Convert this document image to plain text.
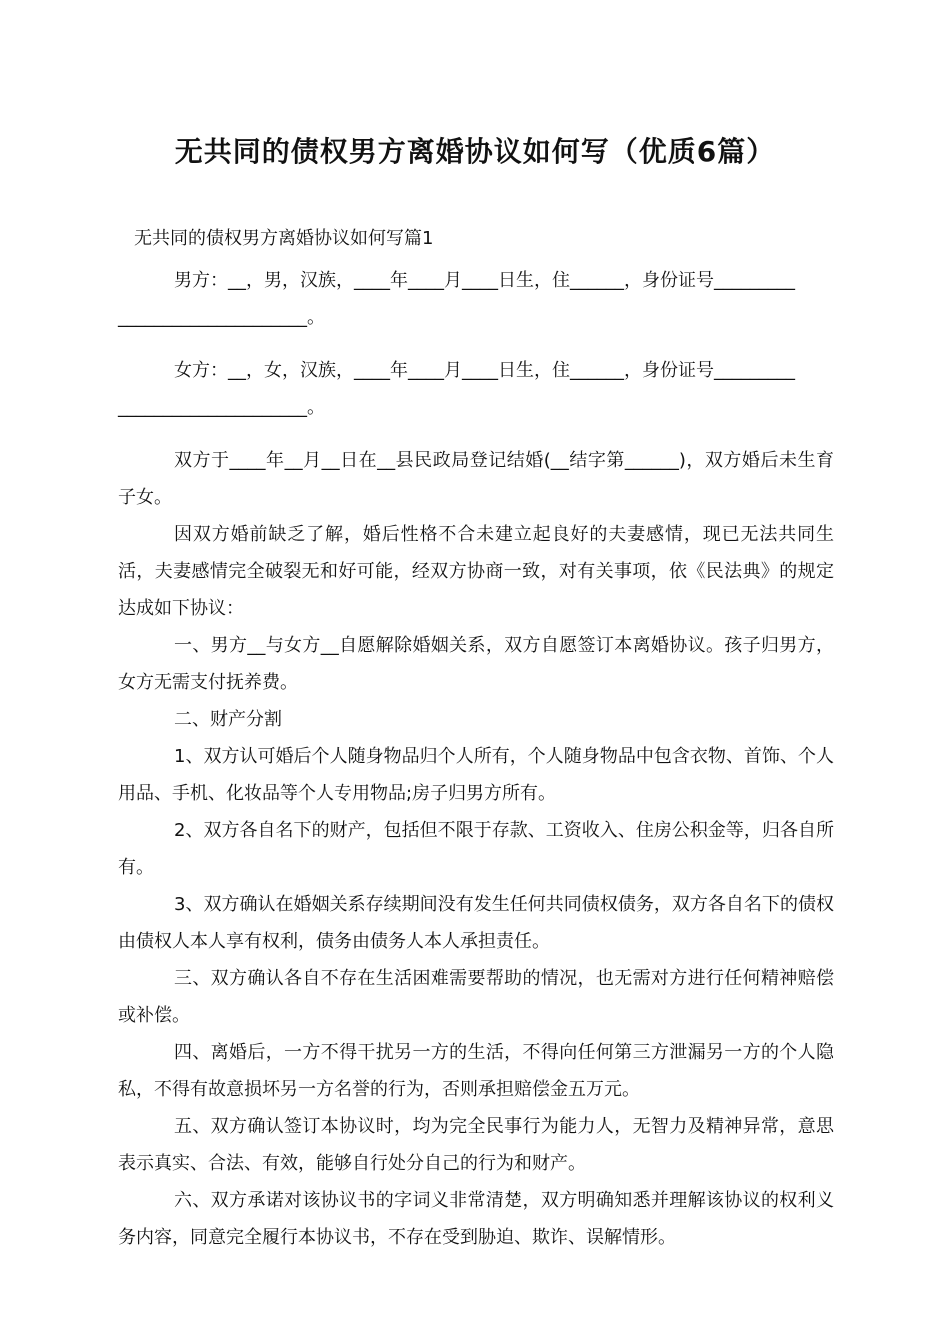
无共同的债权男方离婚协议如何写（优质6篇）
无共同的债权男方离婚协议如何写篇1

男方：__，男，汉族，____年____月____日生，住______，身份证号_________

_____________________。

女方：__，女，汉族，____年____月____日生，住______，身份证号_________

_____________________。

双方于____年__月__日在__县民政局登记结婚(__结字第______)，双方婚后未生育子女。

因双方婚前缺乏了解，婚后性格不合未建立起良好的夫妻感情，现已无法共同生活，夫妻感情完全破裂无和好可能，经双方协商一致，对有关事项，依《民法典》的规定达成如下协议：

一、男方__与女方__自愿解除婚姻关系，双方自愿签订本离婚协议。孩子归男方，女方无需支付抚养费。

二、财产分割

1、双方认可婚后个人随身物品归个人所有，个人随身物品中包含衣物、首饰、个人用品、手机、化妆品等个人专用物品;房子归男方所有。

2、双方各自名下的财产，包括但不限于存款、工资收入、住房公积金等，归各自所有。

3、双方确认在婚姻关系存续期间没有发生任何共同债权债务，双方各自名下的债权由债权人本人享有权利，债务由债务人本人承担责任。

三、双方确认各自不存在生活困难需要帮助的情况，也无需对方进行任何精神赔偿或补偿。

四、离婚后，一方不得干扰另一方的生活，不得向任何第三方泄漏另一方的个人隐私，不得有故意损坏另一方名誉的行为，否则承担赔偿金五万元。

五、双方确认签订本协议时，均为完全民事行为能力人，无智力及精神异常，意思表示真实、合法、有效，能够自行处分自己的行为和财产。

六、双方承诺对该协议书的字词义非常清楚，双方明确知悉并理解该协议的权利义务内容，同意完全履行本协议书，不存在受到胁迫、欺诈、误解情形。
